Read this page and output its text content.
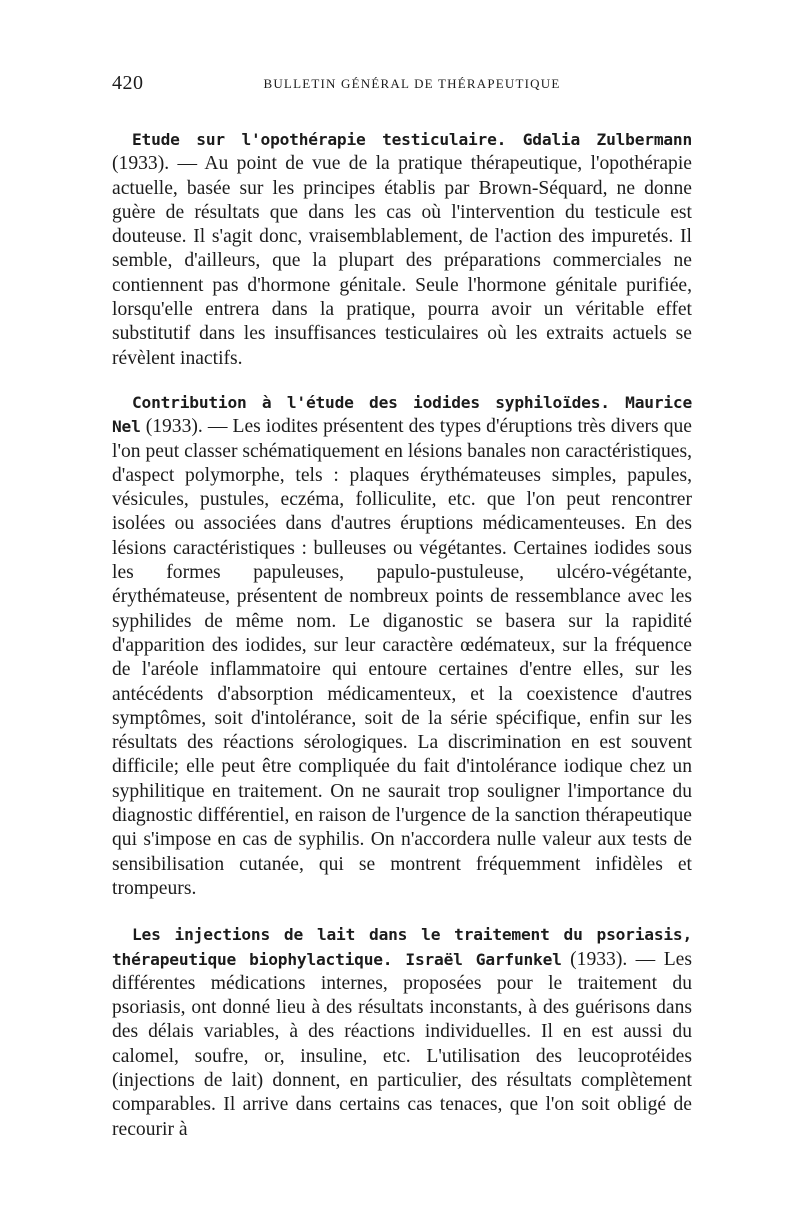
420	BULLETIN GÉNÉRAL DE THÉRAPEUTIQUE

Etude sur l'opothérapie testiculaire. Gdalia Zulbermann (1933). — Au point de vue de la pratique thérapeutique, l'opothérapie actuelle, basée sur les principes établis par Brown-Séquard, ne donne guère de résultats que dans les cas où l'intervention du testicule est douteuse. Il s'agit donc, vraisemblablement, de l'action des impuretés. Il semble, d'ailleurs, que la plupart des préparations commerciales ne contiennent pas d'hormone génitale. Seule l'hormone génitale purifiée, lorsqu'elle entrera dans la pratique, pourra avoir un véritable effet substitutif dans les insuffisances testiculaires où les extraits actuels se révèlent inactifs.

Contribution à l'étude des iodides syphiloïdes. Maurice Nel (1933). — Les iodites présentent des types d'éruptions très divers que l'on peut classer schématiquement en lésions banales non caractéristiques, d'aspect polymorphe, tels : plaques érythémateuses simples, papules, vésicules, pustules, eczéma, folliculite, etc. que l'on peut rencontrer isolées ou associées dans d'autres éruptions médicamenteuses. En des lésions caractéristiques : bulleuses ou végétantes. Certaines iodides sous les formes papuleuses, papulo-pustuleuse, ulcéro-végétante, érythémateuse, présentent de nombreux points de ressemblance avec les syphilides de même nom. Le diganostic se basera sur la rapidité d'apparition des iodides, sur leur caractère œdémateux, sur la fréquence de l'aréole inflammatoire qui entoure certaines d'entre elles, sur les antécédents d'absorption médicamenteux, et la coexistence d'autres symptômes, soit d'intolérance, soit de la série spécifique, enfin sur les résultats des réactions sérologiques. La discrimination en est souvent difficile; elle peut être compliquée du fait d'intolérance iodique chez un syphilitique en traitement. On ne saurait trop souligner l'importance du diagnostic différentiel, en raison de l'urgence de la sanction thérapeutique qui s'impose en cas de syphilis. On n'accordera nulle valeur aux tests de sensibilisation cutanée, qui se montrent fréquemment infidèles et trompeurs.

Les injections de lait dans le traitement du psoriasis, thérapeutique biophylactique. Israël Garfunkel (1933). — Les différentes médications internes, proposées pour le traitement du psoriasis, ont donné lieu à des résultats inconstants, à des guérisons dans des délais variables, à des réactions individuelles. Il en est aussi du calomel, soufre, or, insuline, etc. L'utilisation des leucoprotéides (injections de lait) donnent, en particulier, des résultats complètement comparables. Il arrive dans certains cas tenaces, que l'on soit obligé de recourir à
